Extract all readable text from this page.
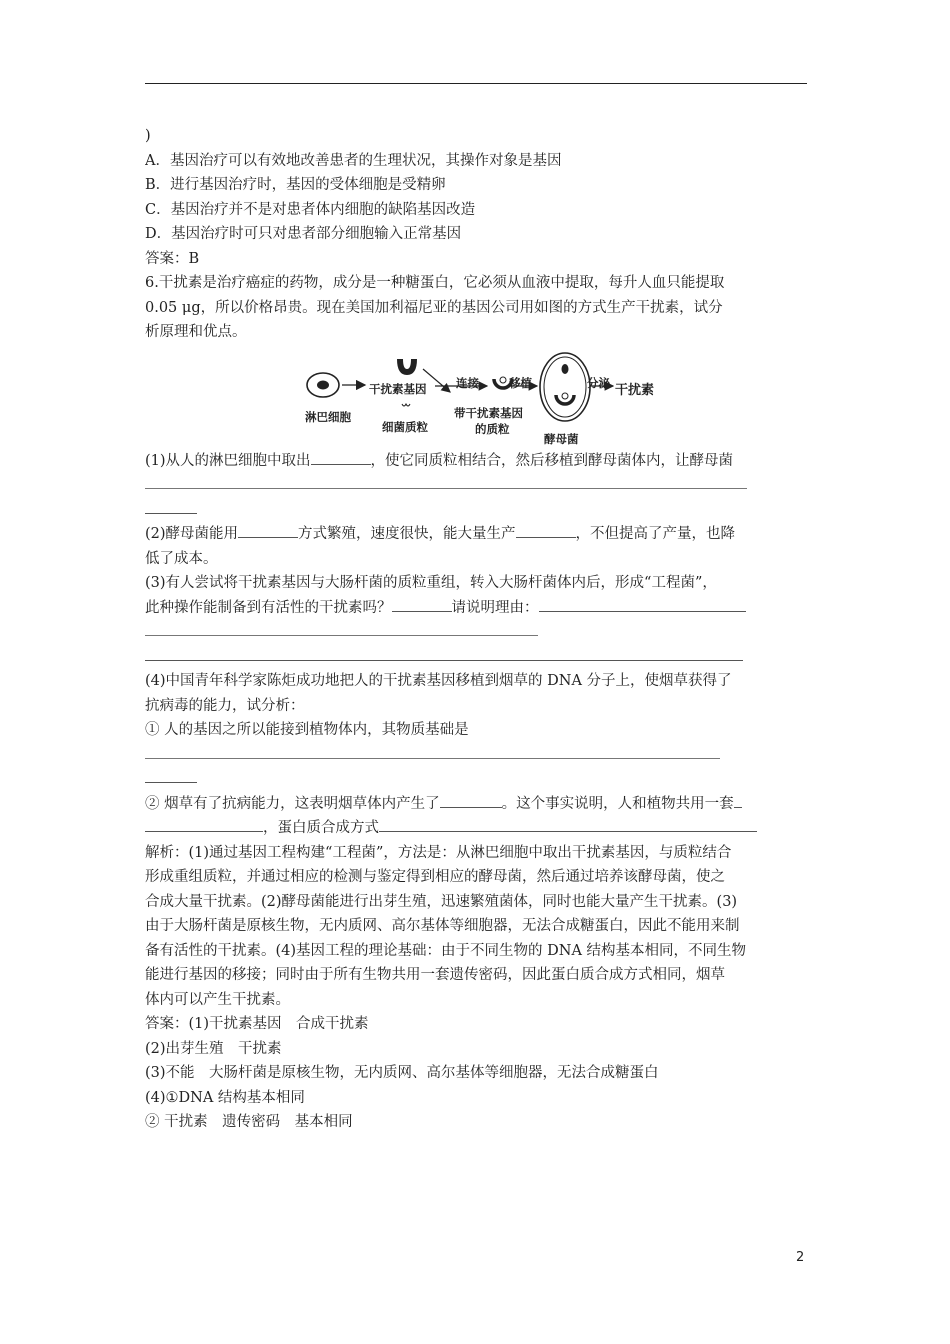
)
A．基因治疗可以有效地改善患者的生理状况，其操作对象是基因
B．进行基因治疗时，基因的受体细胞是受精卵
C．基因治疗并不是对患者体内细胞的缺陷基因改造
D．基因治疗时可只对患者部分细胞输入正常基因
答案：B
6.干扰素是治疗癌症的药物，成分是一种糖蛋白，它必须从血液中提取，每升人血只能提取
0.05 μg，所以价格昂贵。现在美国加利福尼亚的基因公司用如图的方式生产干扰素，试分
析原理和优点。
淋巴细胞
干扰素基因
细菌质粒
连接	移植
带干扰素基因
的质粒
酵母菌
分泌 干扰素
(1)从人的淋巴细胞中取出	，使它同质粒相结合，然后移植到酵母菌体内，让酵母菌
(2)酵母菌能用	方式繁殖，速度很快，能大量生产	，不但提高了产量，也降
低了成本。
(3)有人尝试将干扰素基因与大肠杆菌的质粒重组，转入大肠杆菌体内后，形成“工程菌”，
此种操作能制备到有活性的干扰素吗？	请说明理由：
(4)中国青年科学家陈炬成功地把人的干扰素基因移植到烟草的 DNA 分子上，使烟草获得了
抗病毒的能力，试分析：
① 人的基因之所以能接到植物体内，其物质基础是
② 烟草有了抗病能力，这表明烟草体内产生了	。这个事实说明，人和植物共用一套
，蛋白质合成方式
解析：(1)通过基因工程构建“工程菌”，方法是：从淋巴细胞中取出干扰素基因，与质粒结合
形成重组质粒，并通过相应的检测与鉴定得到相应的酵母菌，然后通过培养该酵母菌，使之
合成大量干扰素。(2)酵母菌能进行出芽生殖，迅速繁殖菌体，同时也能大量产生干扰素。(3)
由于大肠杆菌是原核生物，无内质网、高尔基体等细胞器，无法合成糖蛋白，因此不能用来制
备有活性的干扰素。(4)基因工程的理论基础：由于不同生物的 DNA 结构基本相同，不同生物
能进行基因的移接；同时由于所有生物共用一套遗传密码，因此蛋白质合成方式相同，烟草
体内可以产生干扰素。
答案：(1)干扰素基因　合成干扰素
(2)出芽生殖　干扰素
(3)不能　大肠杆菌是原核生物，无内质网、高尔基体等细胞器，无法合成糖蛋白
(4)①DNA 结构基本相同
② 干扰素　遗传密码　基本相同
2
